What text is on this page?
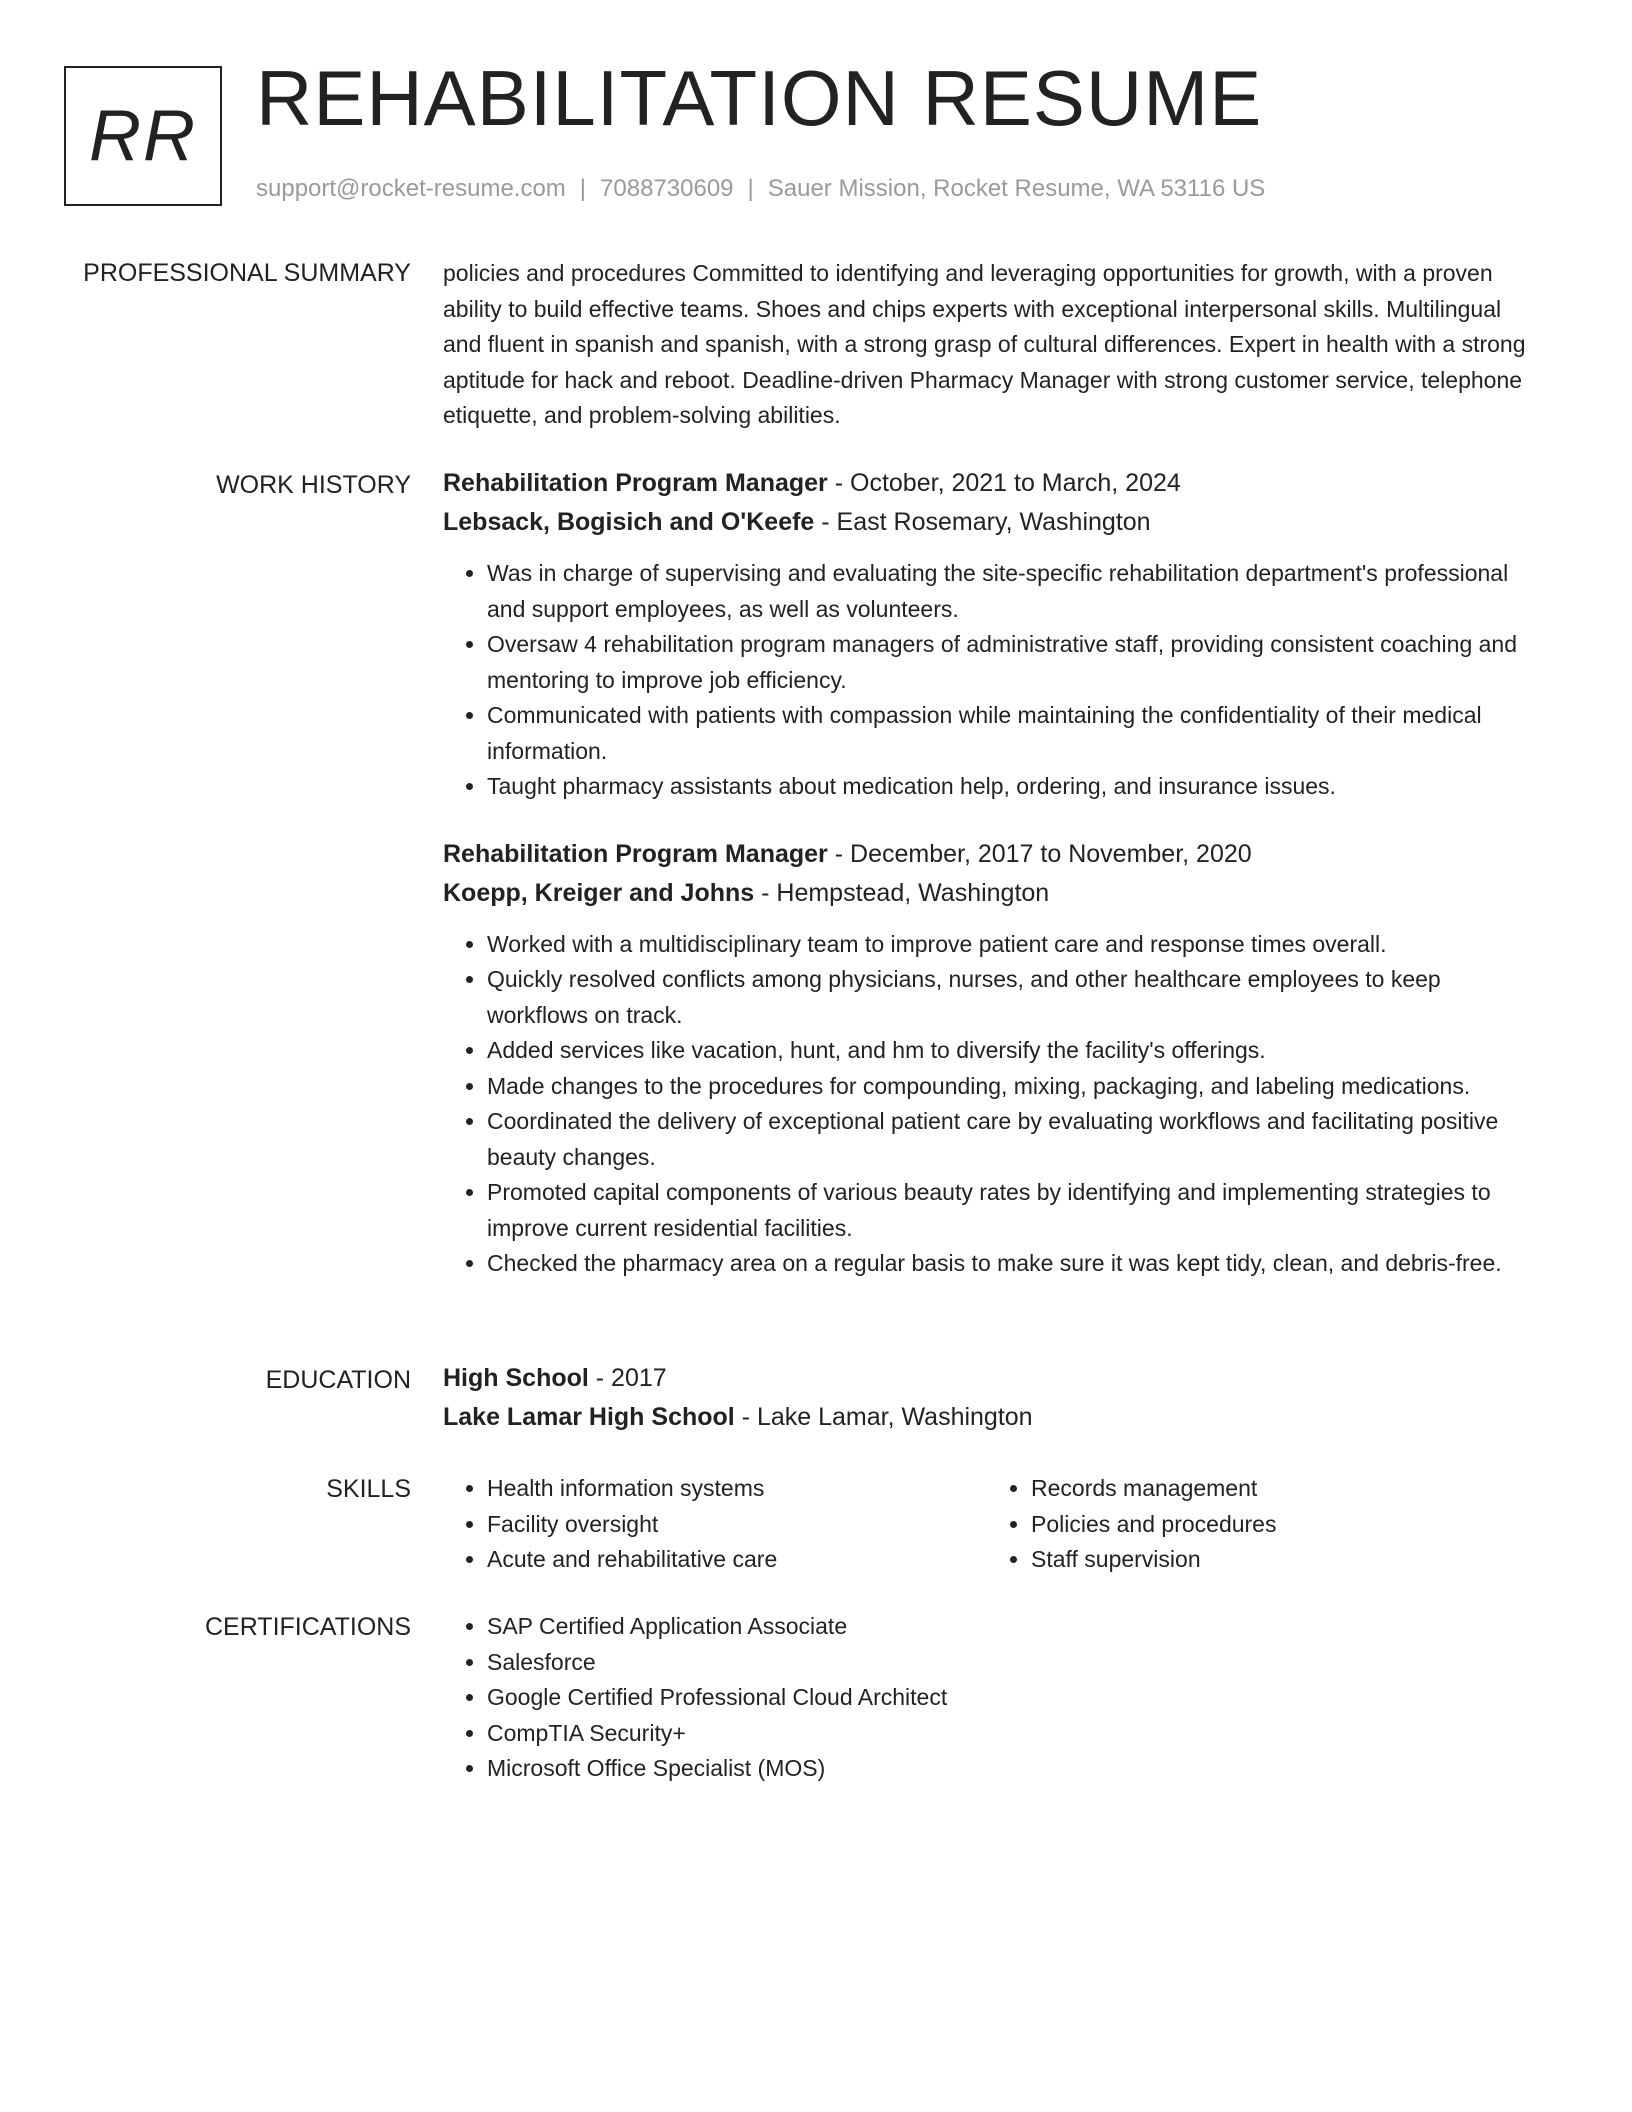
RR REHABILITATION RESUME
support@rocket-resume.com | 7088730609 | Sauer Mission, Rocket Resume, WA 53116 US
PROFESSIONAL SUMMARY policies and procedures Committed to identifying and leveraging opportunities for growth, with a proven ability to build effective teams. Shoes and chips experts with exceptional interpersonal skills. Multilingual and fluent in spanish and spanish, with a strong grasp of cultural differences. Expert in health with a strong aptitude for hack and reboot. Deadline-driven Pharmacy Manager with strong customer service, telephone etiquette, and problem-solving abilities.
WORK HISTORY Rehabilitation Program Manager - October, 2021 to March, 2024
Lebsack, Bogisich and O'Keefe - East Rosemary, Washington
• Was in charge of supervising and evaluating the site-specific rehabilitation department's professional and support employees, as well as volunteers.
• Oversaw 4 rehabilitation program managers of administrative staff, providing consistent coaching and mentoring to improve job efficiency.
• Communicated with patients with compassion while maintaining the confidentiality of their medical information.
• Taught pharmacy assistants about medication help, ordering, and insurance issues.
Rehabilitation Program Manager - December, 2017 to November, 2020
Koepp, Kreiger and Johns - Hempstead, Washington
• Worked with a multidisciplinary team to improve patient care and response times overall.
• Quickly resolved conflicts among physicians, nurses, and other healthcare employees to keep workflows on track.
• Added services like vacation, hunt, and hm to diversify the facility's offerings.
• Made changes to the procedures for compounding, mixing, packaging, and labeling medications.
• Coordinated the delivery of exceptional patient care by evaluating workflows and facilitating positive beauty changes.
• Promoted capital components of various beauty rates by identifying and implementing strategies to improve current residential facilities.
• Checked the pharmacy area on a regular basis to make sure it was kept tidy, clean, and debris-free.
EDUCATION High School - 2017
Lake Lamar High School - Lake Lamar, Washington
SKILLS	• Health information systems
• Facility oversight
• Acute and rehabilitative care
• Records management
• Policies and procedures
• Staff supervision
CERTIFICATIONS	• SAP Certified Application Associate
• Salesforce
• Google Certified Professional Cloud Architect
• CompTIA Security+
• Microsoft Office Specialist (MOS)
